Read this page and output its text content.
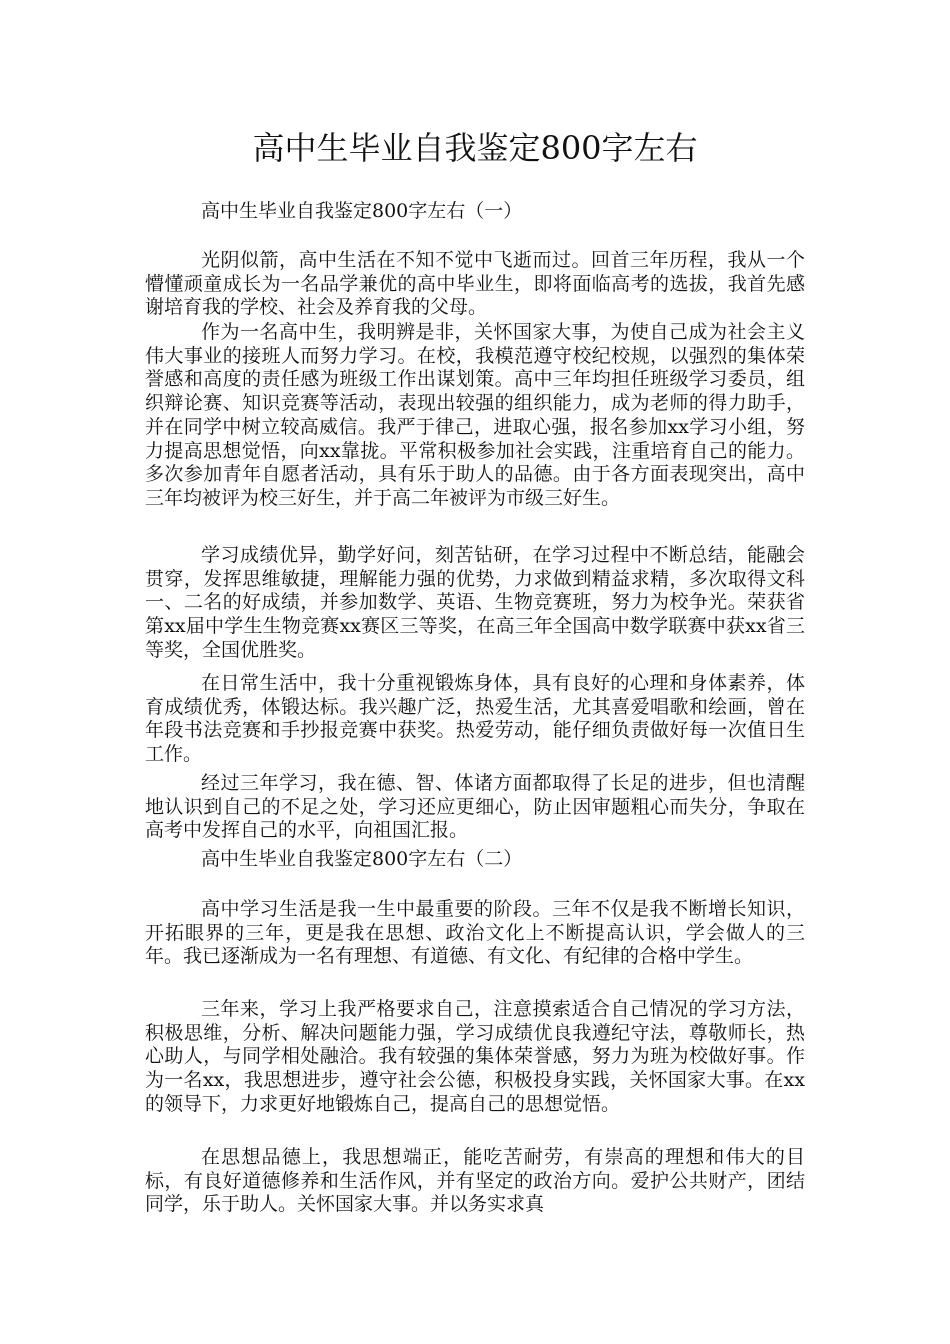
高中生毕业自我鉴定800字左右

高中生毕业自我鉴定800字左右（一）

光阴似箭，高中生活在不知不觉中飞逝而过。回首三年历程，我从一个懵懂顽童成长为一名品学兼优的高中毕业生，即将面临高考的选拔，我首先感谢培育我的学校、社会及养育我的父母。

作为一名高中生，我明辨是非，关怀国家大事，为使自己成为社会主义伟大事业的接班人而努力学习。在校，我模范遵守校纪校规，以强烈的集体荣誉感和高度的责任感为班级工作出谋划策。高中三年均担任班级学习委员，组织辩论赛、知识竞赛等活动，表现出较强的组织能力，成为老师的得力助手，并在同学中树立较高威信。我严于律己，进取心强，报名参加xx学习小组，努力提高思想觉悟，向xx靠拢。平常积极参加社会实践，注重培育自己的能力。多次参加青年自愿者活动，具有乐于助人的品德。由于各方面表现突出，高中三年均被评为校三好生，并于高二年被评为市级三好生。

学习成绩优异，勤学好问，刻苦钻研，在学习过程中不断总结，能融会贯穿，发挥思维敏捷，理解能力强的优势，力求做到精益求精，多次取得文科一、二名的好成绩，并参加数学、英语、生物竞赛班，努力为校争光。荣获省第xx届中学生生物竞赛xx赛区三等奖，在高三年全国高中数学联赛中获xx省三等奖，全国优胜奖。

在日常生活中，我十分重视锻炼身体，具有良好的心理和身体素养，体育成绩优秀，体锻达标。我兴趣广泛，热爱生活，尤其喜爱唱歌和绘画，曾在年段书法竞赛和手抄报竞赛中获奖。热爱劳动，能仔细负责做好每一次值日生工作。

经过三年学习，我在德、智、体诸方面都取得了长足的进步，但也清醒地认识到自己的不足之处，学习还应更细心，防止因审题粗心而失分，争取在高考中发挥自己的水平，向祖国汇报。

高中生毕业自我鉴定800字左右（二）

高中学习生活是我一生中最重要的阶段。三年不仅是我不断增长知识，开拓眼界的三年，更是我在思想、政治文化上不断提高认识，学会做人的三年。我已逐渐成为一名有理想、有道德、有文化、有纪律的合格中学生。

三年来，学习上我严格要求自己，注意摸索适合自己情况的学习方法，积极思维，分析、解决问题能力强，学习成绩优良我遵纪守法，尊敬师长，热心助人，与同学相处融洽。我有较强的集体荣誉感，努力为班为校做好事。作为一名xx，我思想进步，遵守社会公德，积极投身实践，关怀国家大事。在xx的领导下，力求更好地锻炼自己，提高自己的思想觉悟。

在思想品德上，我思想端正，能吃苦耐劳，有崇高的理想和伟大的目标，有良好道德修养和生活作风，并有坚定的政治方向。爱护公共财产，团结同学，乐于助人。关怀国家大事。并以务实求真
